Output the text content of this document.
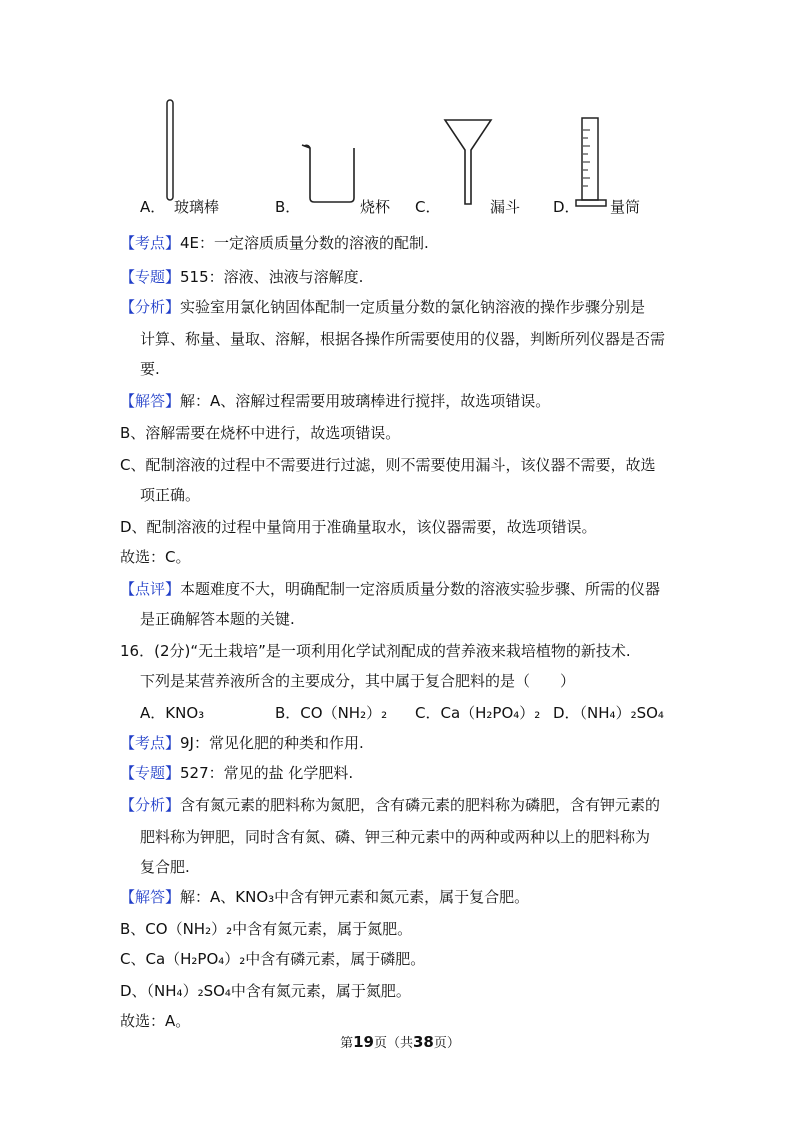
A． 玻璃棒	B．	烧杯 C．	漏斗 D． 量筒
【考点】4E：一定溶质质量分数的溶液的配制.
【专题】515：溶液、浊液与溶解度.
【分析】实验室用氯化钠固体配制一定质量分数的氯化钠溶液的操作步骤分别是
计算、称量、量取、溶解，根据各操作所需要使用的仪器，判断所列仪器是否需
要.
【解答】解：A、溶解过程需要用玻璃棒进行搅拌，故选项错误。
B、溶解需要在烧杯中进行，故选项错误。
C、配制溶液的过程中不需要进行过滤，则不需要使用漏斗，该仪器不需要，故选
项正确。
D、配制溶液的过程中量筒用于准确量取水，该仪器需要，故选项错误。
故选：C。
【点评】本题难度不大，明确配制一定溶质质量分数的溶液实验步骤、所需的仪器
是正确解答本题的关键.
16．(2分)“无土栽培”是一项利用化学试剂配成的营养液来栽培植物的新技术.
下列是某营养液所含的主要成分，其中属于复合肥料的是（　　）
A．KNO₃	B．CO（NH₂）₂ C．Ca（H₂PO₄）₂ D．（NH₄）₂SO₄
【考点】9J：常见化肥的种类和作用.
【专题】527：常见的盐 化学肥料.
【分析】含有氮元素的肥料称为氮肥，含有磷元素的肥料称为磷肥，含有钾元素的
肥料称为钾肥，同时含有氮、磷、钾三种元素中的两种或两种以上的肥料称为
复合肥.
【解答】解：A、KNO₃中含有钾元素和氮元素，属于复合肥。
B、CO（NH₂）₂中含有氮元素，属于氮肥。
C、Ca（H₂PO₄）₂中含有磷元素，属于磷肥。
D、（NH₄）₂SO₄中含有氮元素，属于氮肥。
故选：A。
第19页（共38页）
